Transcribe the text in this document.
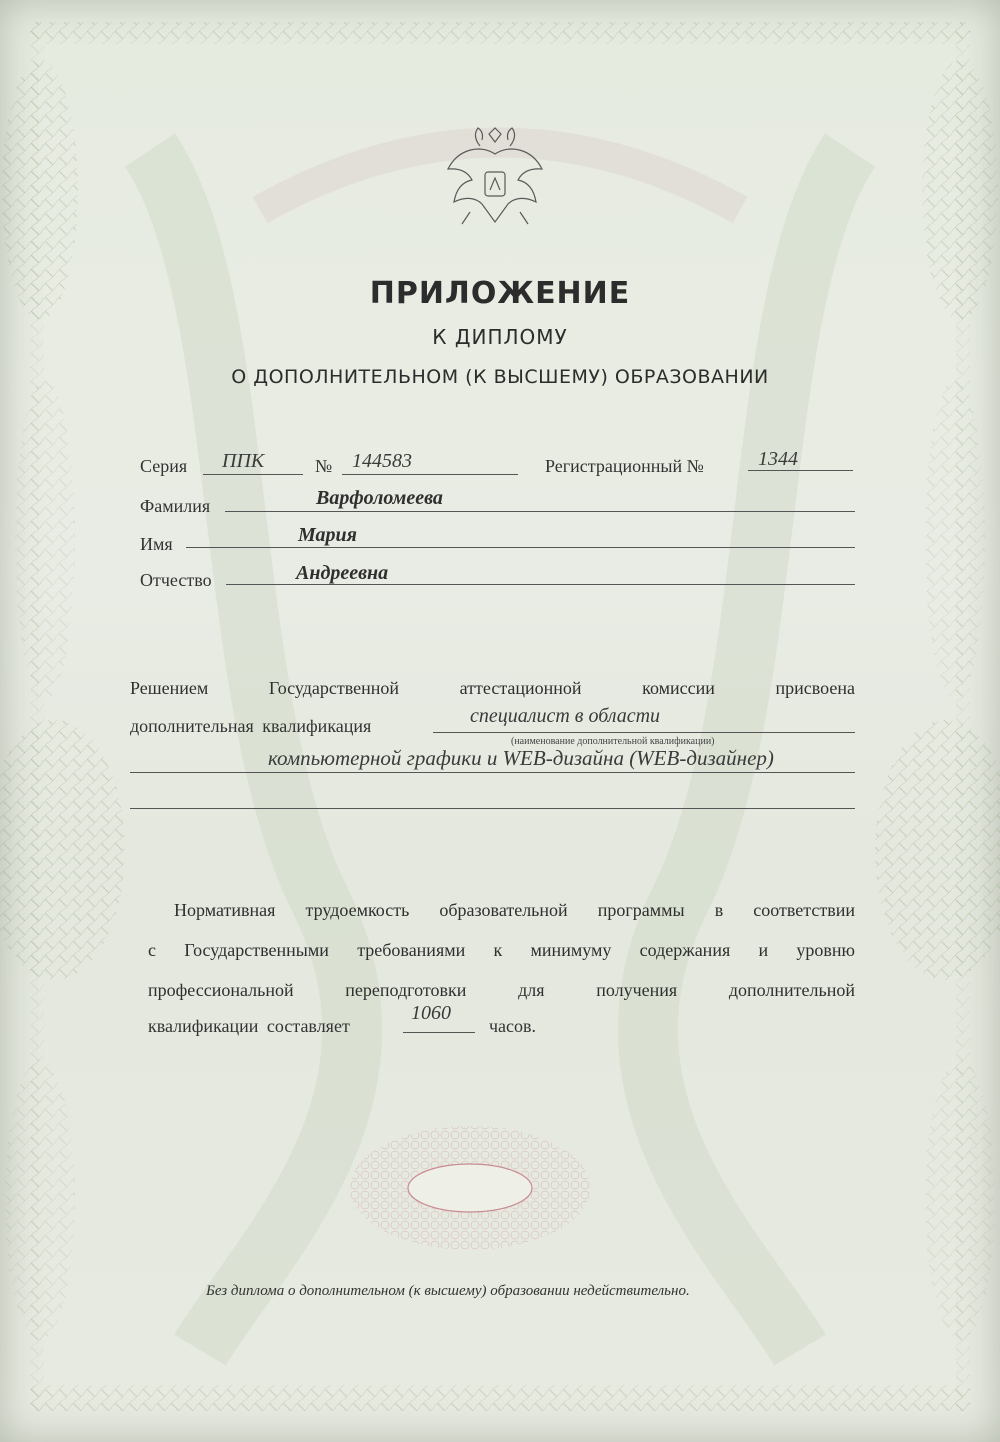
ПРИЛОЖЕНИЕ
К ДИПЛОМУ
О ДОПОЛНИТЕЛЬНОМ (К ВЫСШЕМУ) ОБРАЗОВАНИИ
Серия ППК	№ 144583	Регистрационный №	1344
Фамилия	Варфоломеева
Имя	Мария
Отчество	Андреевна
Решением Государственной аттестационной комиссии присвоена
дополнительная квалификация	специалист в области
(наименование дополнительной квалификации)
компьютерной графики и WEB-дизайна (WEB-дизайнер)
Нормативная трудоемкость образовательной программы в соответствии
с Государственными требованиями к минимуму содержания и уровню
профессиональной переподготовки для получения дополнительной
квалификации составляет
1060
часов.
Без диплома о дополнительном (к высшему) образовании недействительно.
